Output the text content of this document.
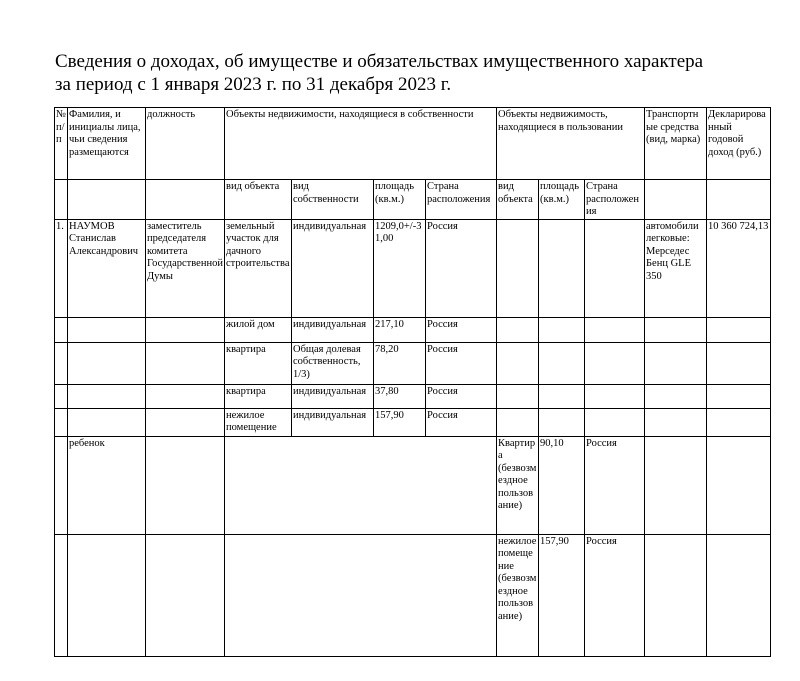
Сведения о доходах, об имуществе и обязательствах имущественного характера
за период с 1 января 2023 г. по 31 декабря 2023 г.
№ п/п	Фамилия, и инициалы лица, чьи сведения размещаются	должность	Объекты недвижимости, находящиеся в собственности				Объекты недвижимость, находящиеся в пользовании			Транспортные средства (вид, марка)	Декларированный годовой доход (руб.)
			вид объекта	вид собственности	площадь (кв.м.)	Страна расположения	вид объекта	площадь (кв.м.)	Страна расположения		
1.	НАУМОВ Станислав Александрович	заместитель председателя комитета Государственной Думы	земельный участок для дачного строительства	индивидуальная	1209,0+/-31,00	Россия				автомобили легковые: Мерседес Бенц GLE 350	10 360 724,13
			жилой дом	индивидуальная	217,10	Россия					
			квартира	Общая долевая собственность, 1/3)	78,20	Россия					
			квартира	индивидуальная	37,80	Россия					
			нежилое помещение	индивидуальная	157,90	Россия					
	ребенок						Квартира (безвозмездное пользование)	90,10	Россия		
							нежилое помещение (безвозмездное пользование)	157,90	Россия		
